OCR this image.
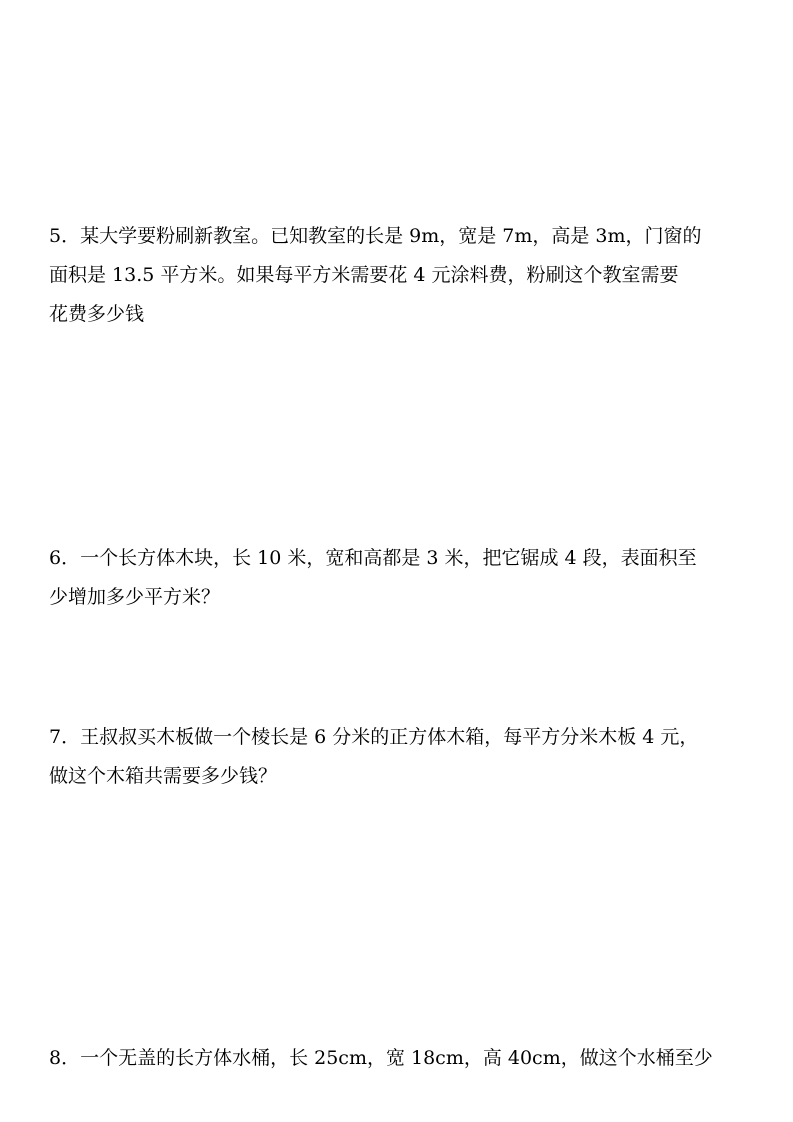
5．某大学要粉刷新教室。已知教室的长是 9m，宽是 7m，高是 3m，门窗的
面积是 13.5 平方米。如果每平方米需要花 4 元涂料费，粉刷这个教室需要
花费多少钱
6．一个长方体木块，长 10 米，宽和高都是 3 米，把它锯成 4 段，表面积至
少增加多少平方米？
7．王叔叔买木板做一个棱长是 6 分米的正方体木箱，每平方分米木板 4 元，
做这个木箱共需要多少钱？
8．一个无盖的长方体水桶，长 25cm，宽 18cm，高 40cm，做这个水桶至少
